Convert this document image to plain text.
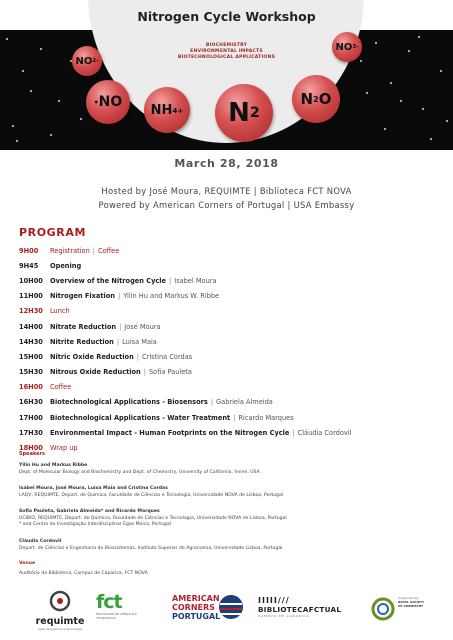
Nitrogen Cycle Workshop
BIOCHEMISTRY
ENVIRONMENTAL IMPACTS
BIOTECHNOLOGICAL APPLICATIONS
NO 2 -
NO 3 -
• NO NH 4 + N 2
N 2 O
March 28, 2018
Hosted by José Moura, REQUIMTE | Biblioteca FCT NOVA
Powered by American Corners of Portugal | USA Embassy
PROGRAM
9H00	Registration | Coffee
9H45	Opening
10H00	Overview of the Nitrogen Cycle | Isabel Moura
11H00	Nitrogen Fixation | Yilin Hu and Markus W. Ribbe
12H30	Lunch
14H00	Nitrate Reduction | José Moura
14H30	Nitrite Reduction | Luisa Maia
15H00	Nitric Oxide Reduction | Cristina Cordas
15H30	Nitrous Oxide Reduction | Sofia Pauleta
16H00	Coffee
16H30	Biotechnological Applications - Biosensors | Gabriela Almeida
17H00	Biotechnological Applications - Water Treatment | Ricardo Marques
17H30	Environmental Impact - Human Footprints on the Nitrogen Cycle | Cláudia Cordovil
18H00	Wrap up
Speakers
Yilin Hu and Markus Ribbe
Dept. of Molecular Biology and Biochemistry and Dept. of Chemistry, University of California, Irvine, USA
Isabel Moura, José Moura, Luisa Maia and Cristina Cordas
LAQV, REQUIMTE, Depart. de Química, Faculdade de Ciências e Tecnologia, Universidade NOVA de Lisboa, Portugal
Sofia Pauleta, Gabriela Almeida* and Ricardo Marques
UCIBIO, REQUIMTE, Depart. de Química, Faculdade de Ciências e Tecnologia, Universidade NOVA de Lisboa, Portugal
* and Centro de Investigação Interdisciplinar Egas Moniz, Portugal
Cláudia Cordovil
Depart. de Ciências e Engenharia de Biossistemas, Instituto Superior de Agronomia, Universidade Lisboa, Portugal
Venue
Auditório da Biblioteca, Campus de Caparica, FCT NOVA
requimte
rede de química e tecnologia
fct
FACULDADE DE CIÊNCIAS E TECNOLOGIA
AMERICAN
CORNERS
PORTUGAL
IIIII///
BIBLIOTECAFCTUAL
CAMPUS DE CAPARICA
Supported by
ROYAL SOCIETY
OF CHEMISTRY
